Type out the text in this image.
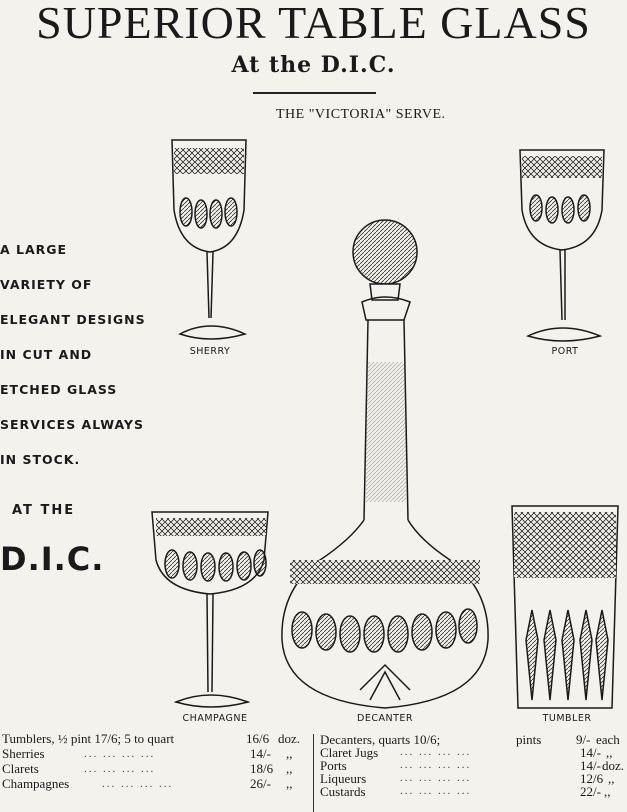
SUPERIOR TABLE GLASS
At the D.I.C.
THE "VICTORIA" SERVE.
A LARGE
VARIETY OF
ELEGANT DESIGNS
IN CUT AND
ETCHED GLASS
SERVICES ALWAYS
IN STOCK.
AT THE
D.I.C.
SHERRY	PORT
CHAMPAGNE	DECANTER	TUMBLER
Tumblers, ½ pint 17/6; 5 to quart	16/6 doz.
Sherries	... ... ... ...	14/- ,,
Clarets	... ... ... ...	18/6 ,,
Champagnes	... ... ... ...	26/- ,,
Decanters, quarts 10/6;	pints	9/- each
Claret Jugs ... ... ... ...	14/- ,,
Ports	... ... ... ...	14/- doz.
Liqueurs	... ... ... ...	12/6 ,,
Custards	... ... ... ...	22/- ,,
